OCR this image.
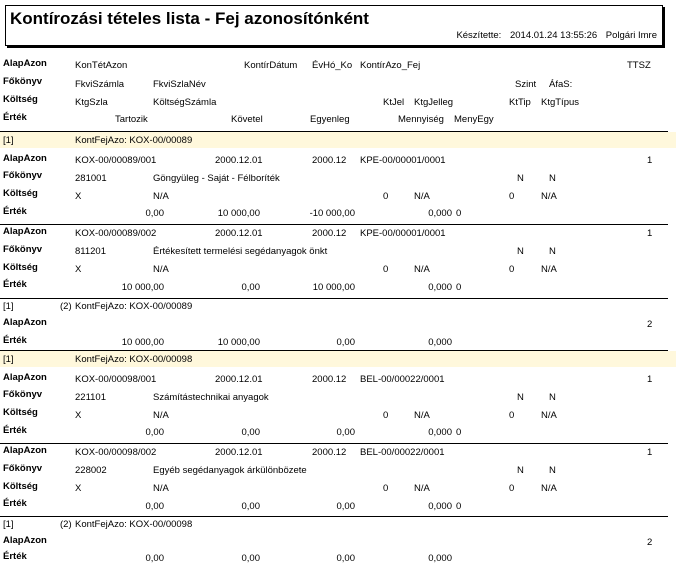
Kontírozási tételes lista - Fej azonosítónként
Készítette: 2014.01.24 13:55:26 Polgári Imre
AlapAzon	KonTétAzon	KontírDátum ÉvHó_Ko KontírAzo_Fej	TTSZ
Főkönyv	FkviSzámla	FkviSzlaNév	Szint ÁfaS:
Költség	KtgSzla	KöltségSzámla	KtJel KtgJelleg	KtTip KtgTípus
Érték	Tartozik	Követel	Egyenleg	Mennyiség MenyEgy
[1]	KontFejAzo: KOX-00/00089
AlapAzon	KOX-00/00089/001	2000.12.01	2000.12 KPE-00/00001/0001	1
Főkönyv	281001	Göngyüleg - Saját - Félboríték	N	N
Költség	X	N/A	0	N/A	0	N/A
Érték	0,00	10 000,00	-10 000,00	0,000 0
AlapAzon	KOX-00/00089/002	2000.12.01	2000.12 KPE-00/00001/0001	1
Főkönyv	811201	Értékesített termelési segédanyagok önkt	N	N
Költség	X	N/A	0	N/A	0	N/A
Érték	10 000,00	0,00	10 000,00	0,000 0
[1]	(2) KontFejAzo: KOX-00/00089
AlapAzon	2
Érték	10 000,00	10 000,00	0,00	0,000
[1]	KontFejAzo: KOX-00/00098
AlapAzon	KOX-00/00098/001	2000.12.01	2000.12 BEL-00/00022/0001	1
Főkönyv	221101	Számítástechnikai anyagok	N	N
Költség	X	N/A	0	N/A	0	N/A
Érték	0,00	0,00	0,00	0,000 0
AlapAzon	KOX-00/00098/002	2000.12.01	2000.12 BEL-00/00022/0001	1
Főkönyv	228002	Egyéb segédanyagok árkülönbözete	N	N
Költség	X	N/A	0	N/A	0	N/A
Érték	0,00	0,00	0,00	0,000 0
[1]	(2) KontFejAzo: KOX-00/00098
AlapAzon	2
Érték	0,00	0,00	0,00	0,000
